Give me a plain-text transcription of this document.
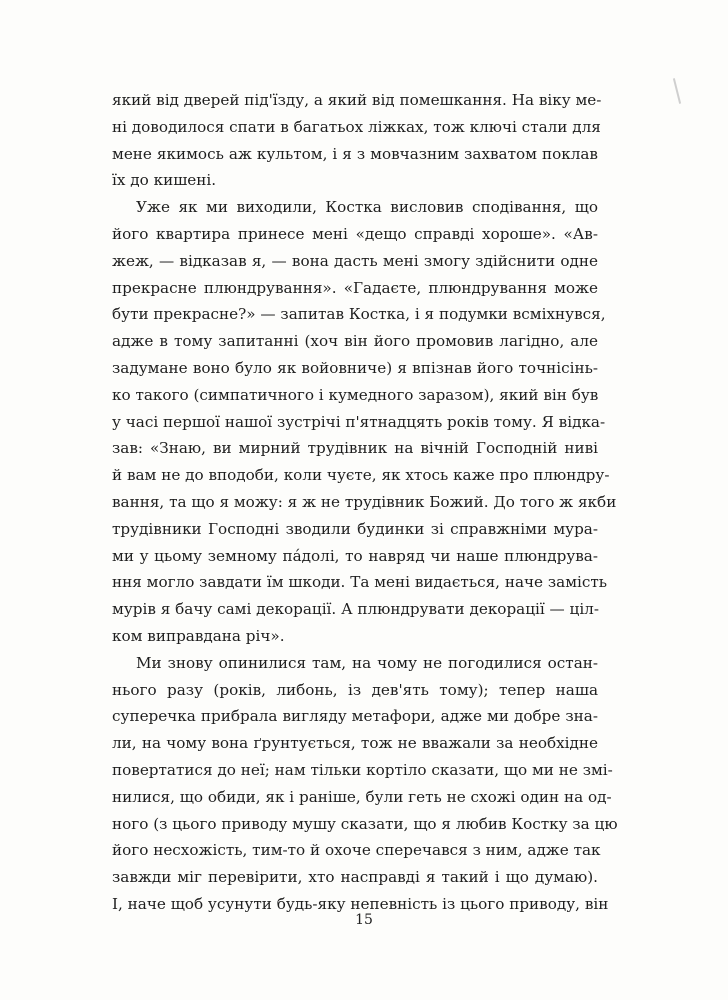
який від дверей під'їзду, а який від помешкання. На віку ме-
ні доводилося спати в багатьох ліжках, тож ключі стали для
мене якимось аж культом, і я з мовчазним захватом поклав
їх до кишені.

Уже як ми виходили, Костка висловив сподівання, що
його квартира принесе мені «дещо справді хороше». «Ав-
жеж, — відказав я, — вона дасть мені змогу здійснити одне
прекрасне плюндрування». «Гадаєте, плюндрування може
бути прекрасне?» — запитав Костка, і я подумки всміхнувся,
адже в тому запитанні (хоч він його промовив лагідно, але
задумане воно було як войовниче) я впізнав його точнісінь-
ко такого (симпатичного і кумедного заразом), який він був
у часі першої нашої зустрічі п'ятнадцять років тому. Я відка-
зав: «Знаю, ви мирний трудівник на вічній Господній ниві
й вам не до вподоби, коли чуєте, як хтось каже про плюндру-
вання, та що я можу: я ж не трудівник Божий. До того ж якби
трудівники Господні зводили будинки зі справжніми мура-
ми у цьому земному пáдолі, то навряд чи наше плюндрува-
ння могло завдати їм шкоди. Та мені видається, наче замість
мурів я бачу самі декорації. А плюндрувати декорації — ціл-
ком виправдана річ».

Ми знову опинилися там, на чому не погодилися остан-
нього разу (років, либонь, із дев'ять тому); тепер наша
суперечка прибрала вигляду метафори, адже ми добре зна-
ли, на чому вона ґрунтується, тож не вважали за необхідне
повертатися до неї; нам тільки кортіло сказати, що ми не змі-
нилися, що обиди, як і раніше, були геть не схожі один на од-
ного (з цього приводу мушу сказати, що я любив Костку за цю
його несхожість, тим-то й охоче сперечався з ним, адже так
завжди міг перевірити, хто насправді я такий і що думаю).
І, наче щоб усунути будь-яку непевність із цього приводу, він

15
